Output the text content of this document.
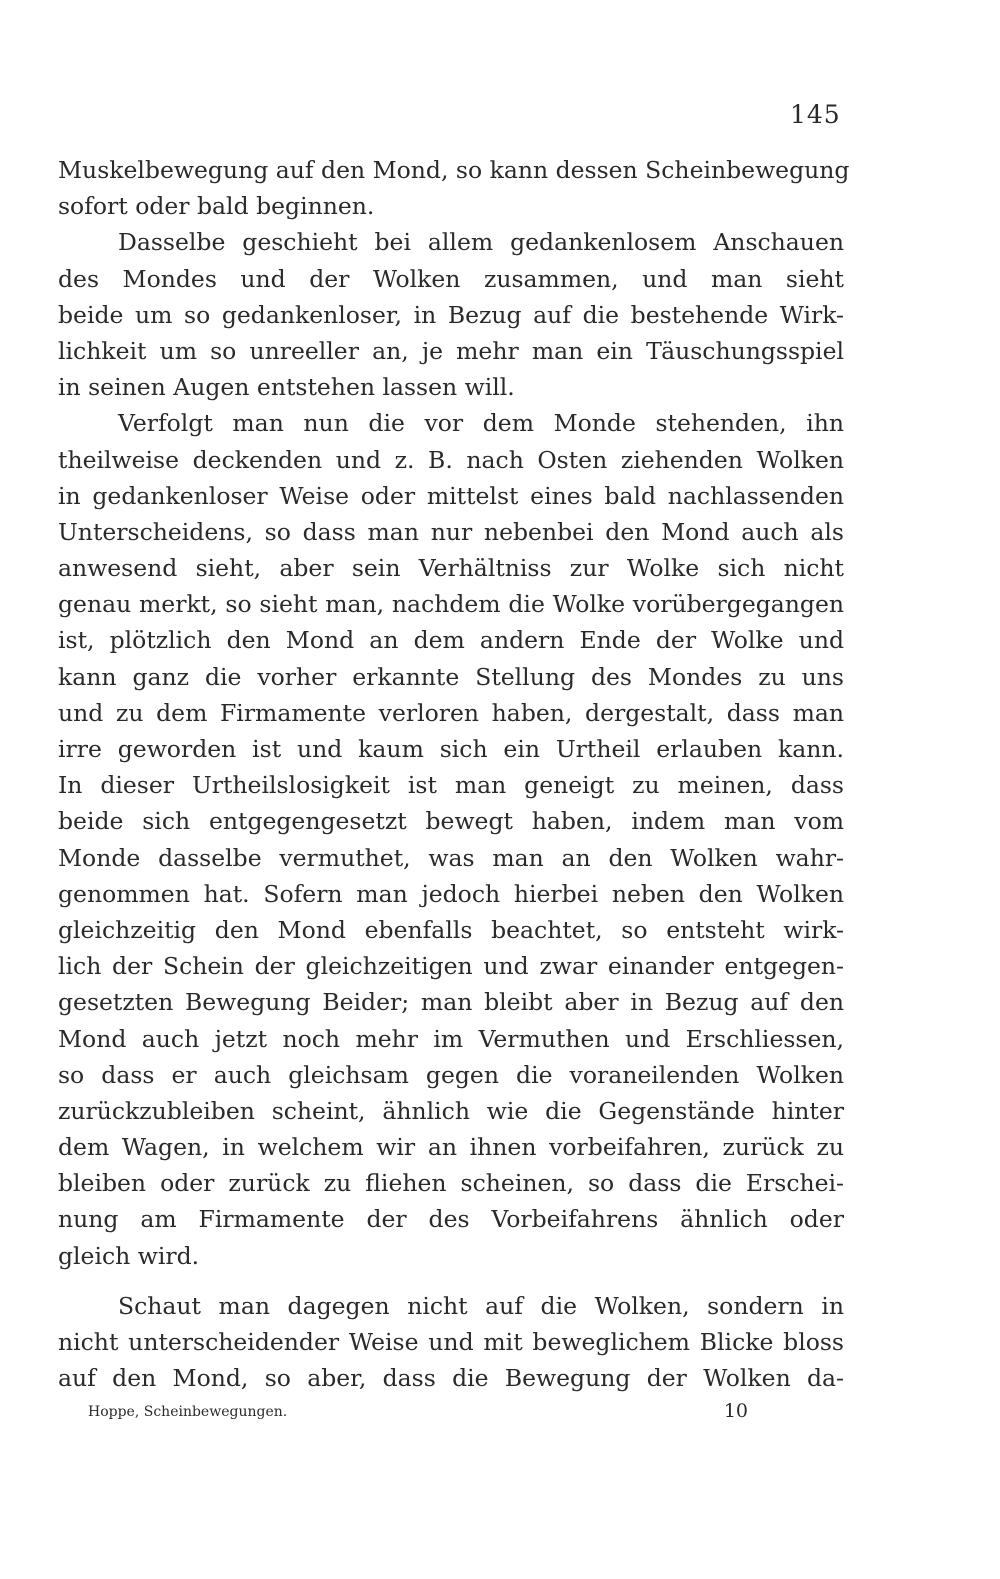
145
Muskelbewegung auf den Mond, so kann dessen Scheinbewegung
sofort oder bald beginnen.
Dasselbe geschieht bei allem gedankenlosem Anschauen
des Mondes und der Wolken zusammen, und man sieht
beide um so gedankenloser, in Bezug auf die bestehende Wirk-
lichkeit um so unreeller an, je mehr man ein Täuschungsspiel
in seinen Augen entstehen lassen will.
Verfolgt man nun die vor dem Monde stehenden, ihn
theilweise deckenden und z. B. nach Osten ziehenden Wolken
in gedankenloser Weise oder mittelst eines bald nachlassenden
Unterscheidens, so dass man nur nebenbei den Mond auch als
anwesend sieht, aber sein Verhältniss zur Wolke sich nicht
genau merkt, so sieht man, nachdem die Wolke vorübergegangen
ist, plötzlich den Mond an dem andern Ende der Wolke und
kann ganz die vorher erkannte Stellung des Mondes zu uns
und zu dem Firmamente verloren haben, dergestalt, dass man
irre geworden ist und kaum sich ein Urtheil erlauben kann.
In dieser Urtheilslosigkeit ist man geneigt zu meinen, dass
beide sich entgegengesetzt bewegt haben, indem man vom
Monde dasselbe vermuthet, was man an den Wolken wahr-
genommen hat. Sofern man jedoch hierbei neben den Wolken
gleichzeitig den Mond ebenfalls beachtet, so entsteht wirk-
lich der Schein der gleichzeitigen und zwar einander entgegen-
gesetzten Bewegung Beider; man bleibt aber in Bezug auf den
Mond auch jetzt noch mehr im Vermuthen und Erschliessen,
so dass er auch gleichsam gegen die voraneilenden Wolken
zurückzubleiben scheint, ähnlich wie die Gegenstände hinter
dem Wagen, in welchem wir an ihnen vorbeifahren, zurück zu
bleiben oder zurück zu fliehen scheinen, so dass die Erschei-
nung am Firmamente der des Vorbeifahrens ähnlich oder
gleich wird.
Schaut man dagegen nicht auf die Wolken, sondern in
nicht unterscheidender Weise und mit beweglichem Blicke bloss
auf den Mond, so aber, dass die Bewegung der Wolken da-
Hoppe, Scheinbewegungen.	10
